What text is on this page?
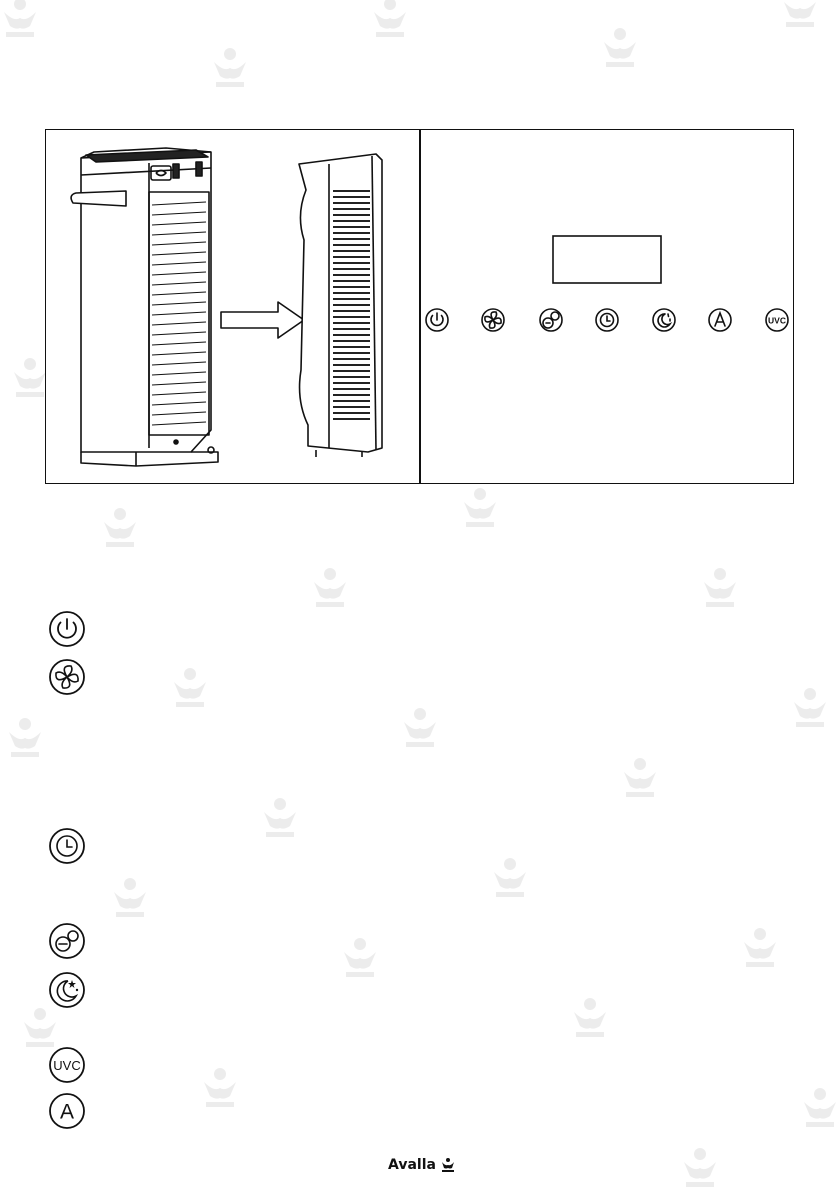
UVC
UVC
A
Avalla
